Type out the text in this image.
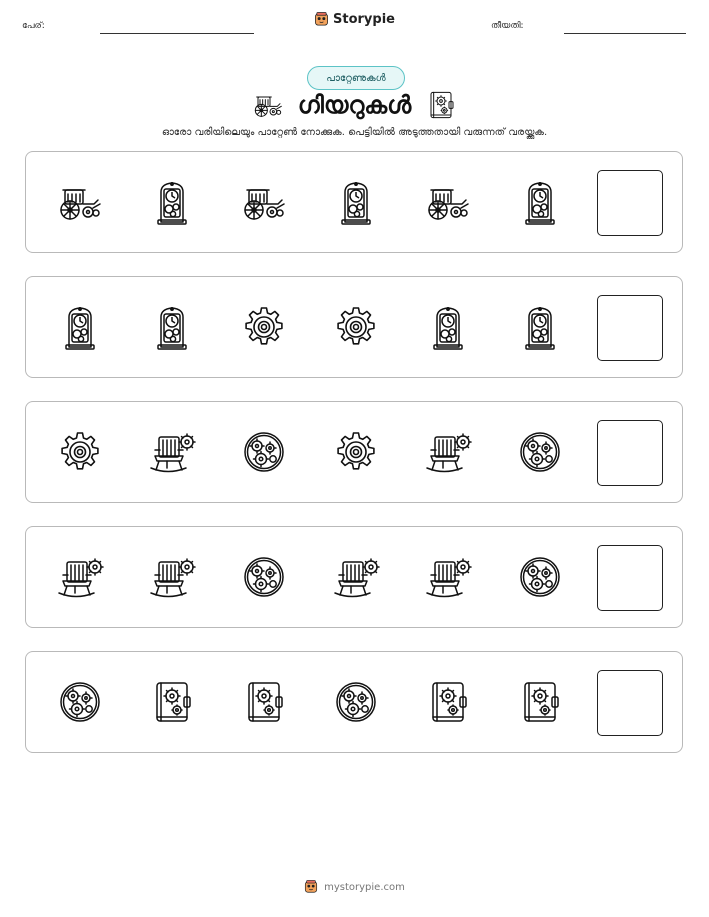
പേര്:	Storypie	തീയതി:
പാറ്റേണുകൾ
ഗിയറുകൾ
ഓരോ വരിയിലെയും പാറ്റേൺ നോക്കുക. പെട്ടിയിൽ അടുത്തതായി വരുന്നത് വരയ്ക്കുക.
mystorypie.com
